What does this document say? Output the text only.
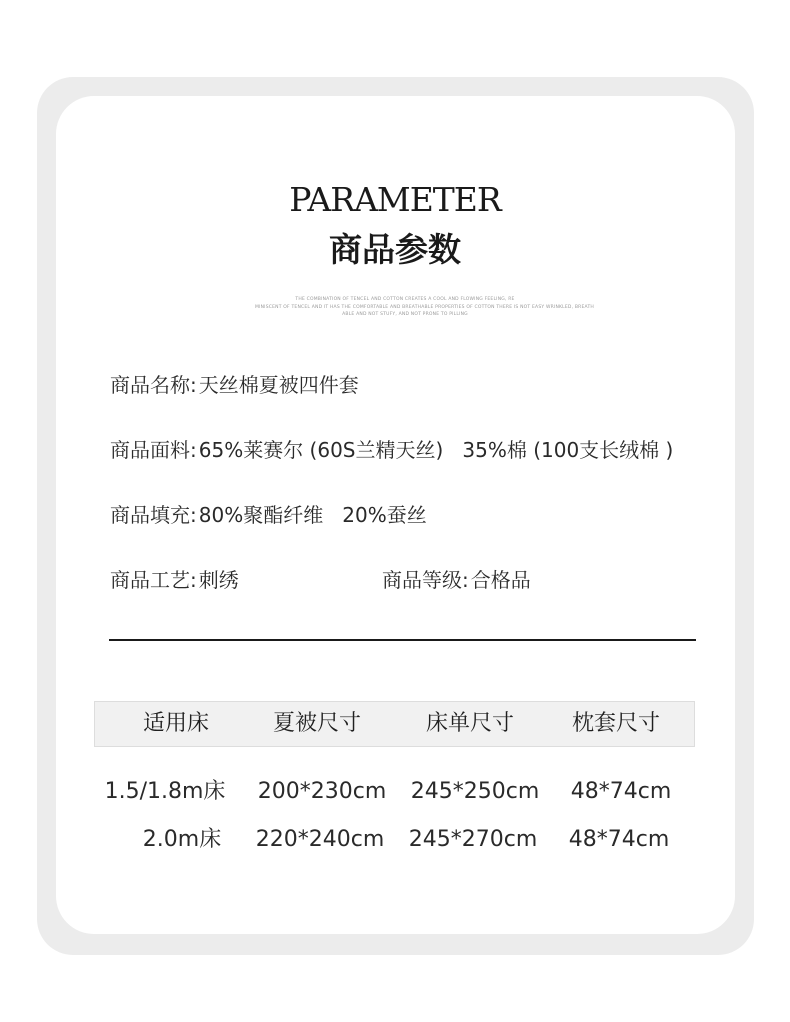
PARAMETER
商品参数
THE COMBINATION OF TENCEL AND COTTON CREATES A COOL AND FLOWING FEELING, RE
MINISCENT OF TENCEL AND IT HAS THE COMFORTABLE AND BREATHABLE PROPERTIES OF COTTON THERE IS NOT EASY WRINKLED, BREATH
ABLE AND NOT STUFY, AND NOT PRONE TO PILLING
商品名称: 天丝棉夏被四件套
商品面料: 65%莱赛尔 (60S兰精天丝)   35%棉 (100支长绒棉 )
商品填充: 80%聚酯纤维   20%蚕丝
商品工艺: 刺绣	商品等级: 合格品
适用床	夏被尺寸	床单尺寸	枕套尺寸
1.5/1.8m床	200*230cm	245*250cm	48*74cm
2.0m床	220*240cm	245*270cm	48*74cm
